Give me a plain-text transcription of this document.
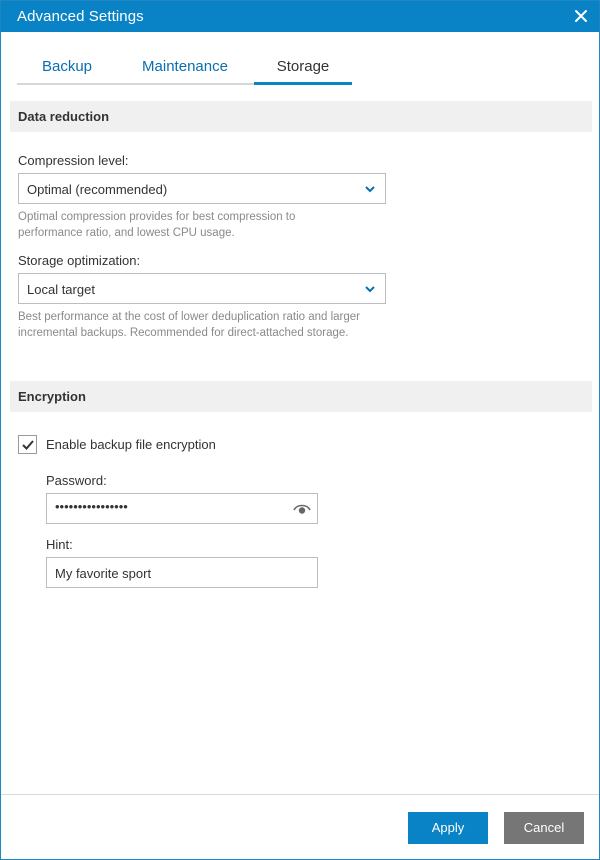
Advanced Settings
Backup	Maintenance	Storage
Data reduction
Compression level:
Optimal (recommended)
Optimal compression provides for best compression to performance ratio, and lowest CPU usage.
Storage optimization:
Local target
Best performance at the cost of lower deduplication ratio and larger incremental backups. Recommended for direct-attached storage.
Encryption
Enable backup file encryption
Password:
••••••••••••••••
Hint:
My favorite sport
Apply	Cancel
